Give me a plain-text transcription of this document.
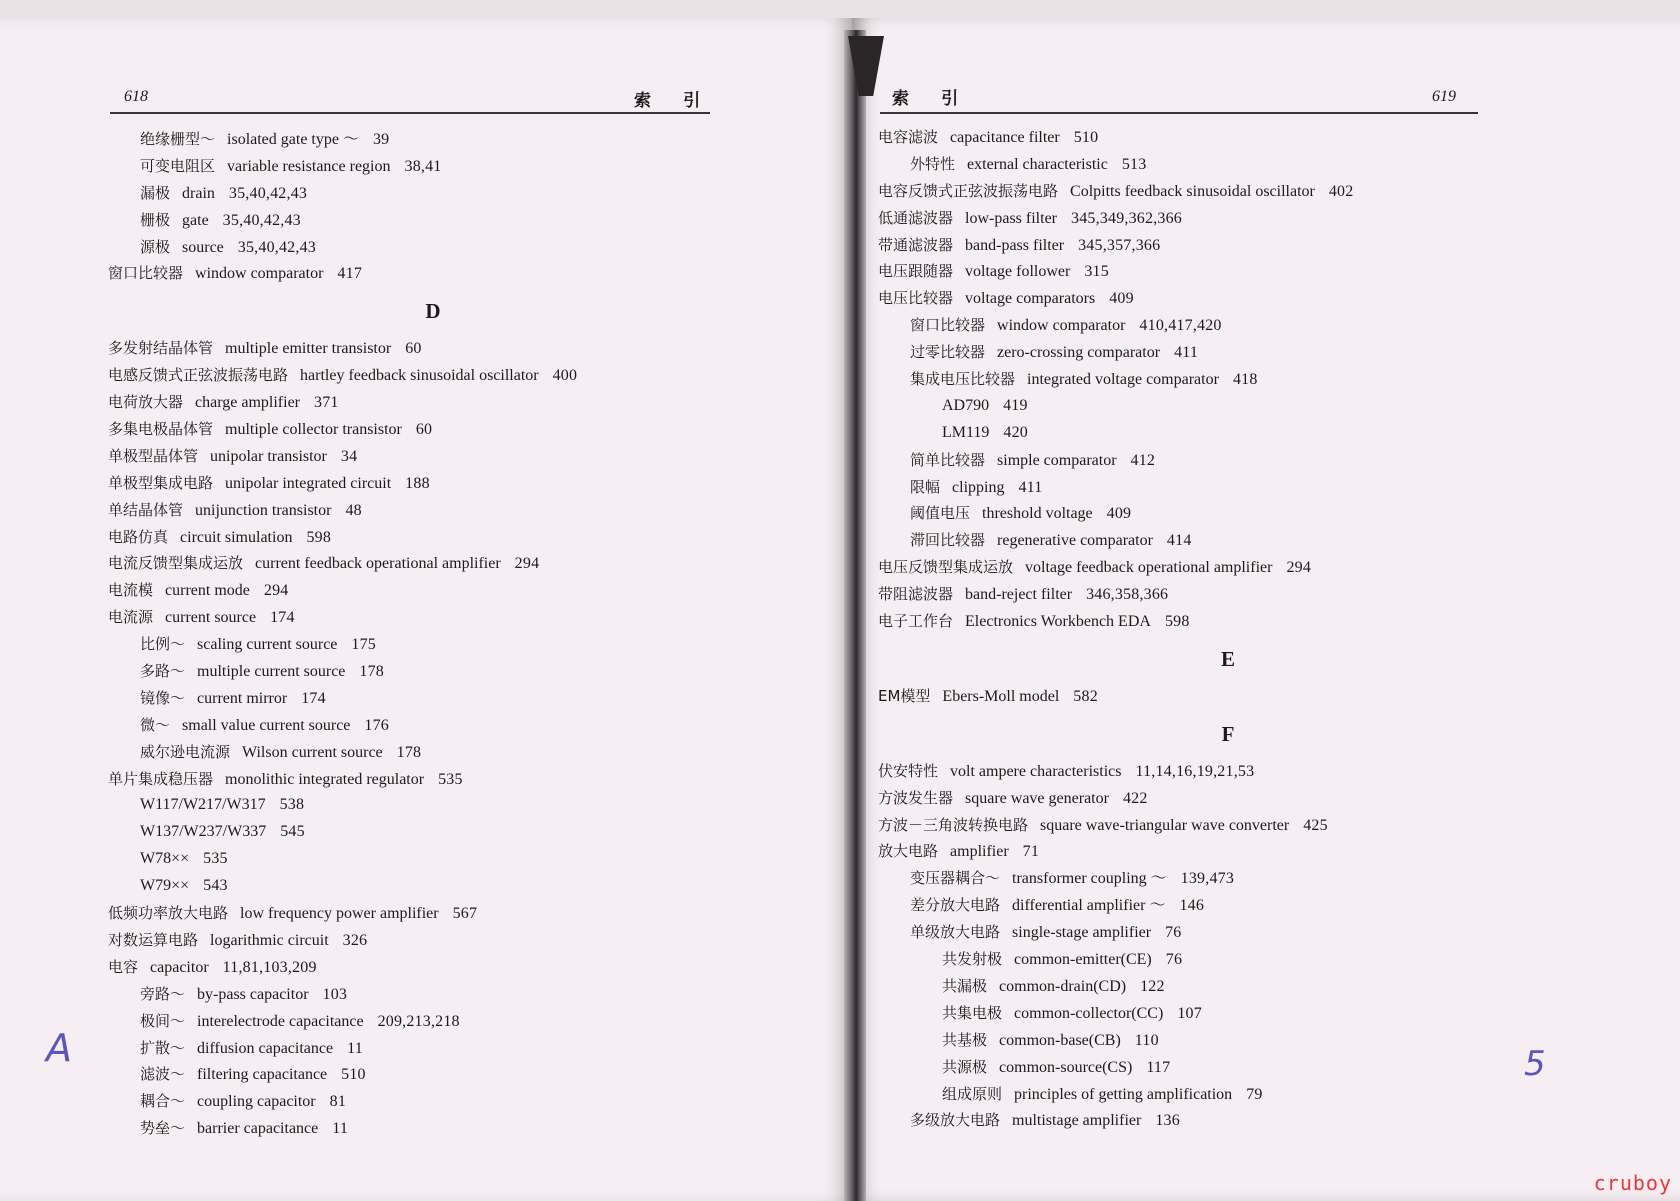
618	索 引
绝缘栅型～ isolated gate type ～ 39
可变电阻区 variable resistance region 38,41
漏极 drain 35,40,42,43
栅极 gate 35,40,42,43
源极 source 35,40,42,43
窗口比较器 window comparator 417
D
多发射结晶体管 multiple emitter transistor 60
电感反馈式正弦波振荡电路 hartley feedback sinusoidal oscillator 400
电荷放大器 charge amplifier 371
多集电极晶体管 multiple collector transistor 60
单极型晶体管 unipolar transistor 34
单极型集成电路 unipolar integrated circuit 188
单结晶体管 unijunction transistor 48
电路仿真 circuit simulation 598
电流反馈型集成运放 current feedback operational amplifier 294
电流模 current mode 294
电流源 current source 174
比例～ scaling current source 175
多路～ multiple current source 178
镜像～ current mirror 174
微～ small value current source 176
威尔逊电流源 Wilson current source 178
单片集成稳压器 monolithic integrated regulator 535
W117/W217/W317 538
W137/W237/W337 545
W78×× 535
W79×× 543
低频功率放大电路 low frequency power amplifier 567
对数运算电路 logarithmic circuit 326
电容 capacitor 11,81,103,209
旁路～ by-pass capacitor 103
极间～ interelectrode capacitance 209,213,218
扩散～ diffusion capacitance 11
滤波～ filtering capacitance 510
耦合～ coupling capacitor 81
势垒～ barrier capacitance 11
A
索 引	619
电容滤波 capacitance filter 510
外特性 external characteristic 513
电容反馈式正弦波振荡电路 Colpitts feedback sinusoidal oscillator 402
低通滤波器 low-pass filter 345,349,362,366
带通滤波器 band-pass filter 345,357,366
电压跟随器 voltage follower 315
电压比较器 voltage comparators 409
窗口比较器 window comparator 410,417,420
过零比较器 zero-crossing comparator 411
集成电压比较器 integrated voltage comparator 418
AD790 419
LM119 420
简单比较器 simple comparator 412
限幅 clipping 411
阈值电压 threshold voltage 409
滞回比较器 regenerative comparator 414
电压反馈型集成运放 voltage feedback operational amplifier 294
带阻滤波器 band-reject filter 346,358,366
电子工作台 Electronics Workbench EDA 598
E
EM模型 Ebers-Moll model 582
F
伏安特性 volt ampere characteristics 11,14,16,19,21,53
方波发生器 square wave generator 422
方波－三角波转换电路 square wave-triangular wave converter 425
放大电路 amplifier 71
变压器耦合～ transformer coupling ～ 139,473
差分放大电路 differential amplifier ～ 146
单级放大电路 single-stage amplifier 76
共发射极 common-emitter(CE) 76
共漏极 common-drain(CD) 122
共集电极 common-collector(CC) 107
共基极 common-base(CB) 110
共源极 common-source(CS) 117
组成原则 principles of getting amplification 79
多级放大电路 multistage amplifier 136
5
cruboy
